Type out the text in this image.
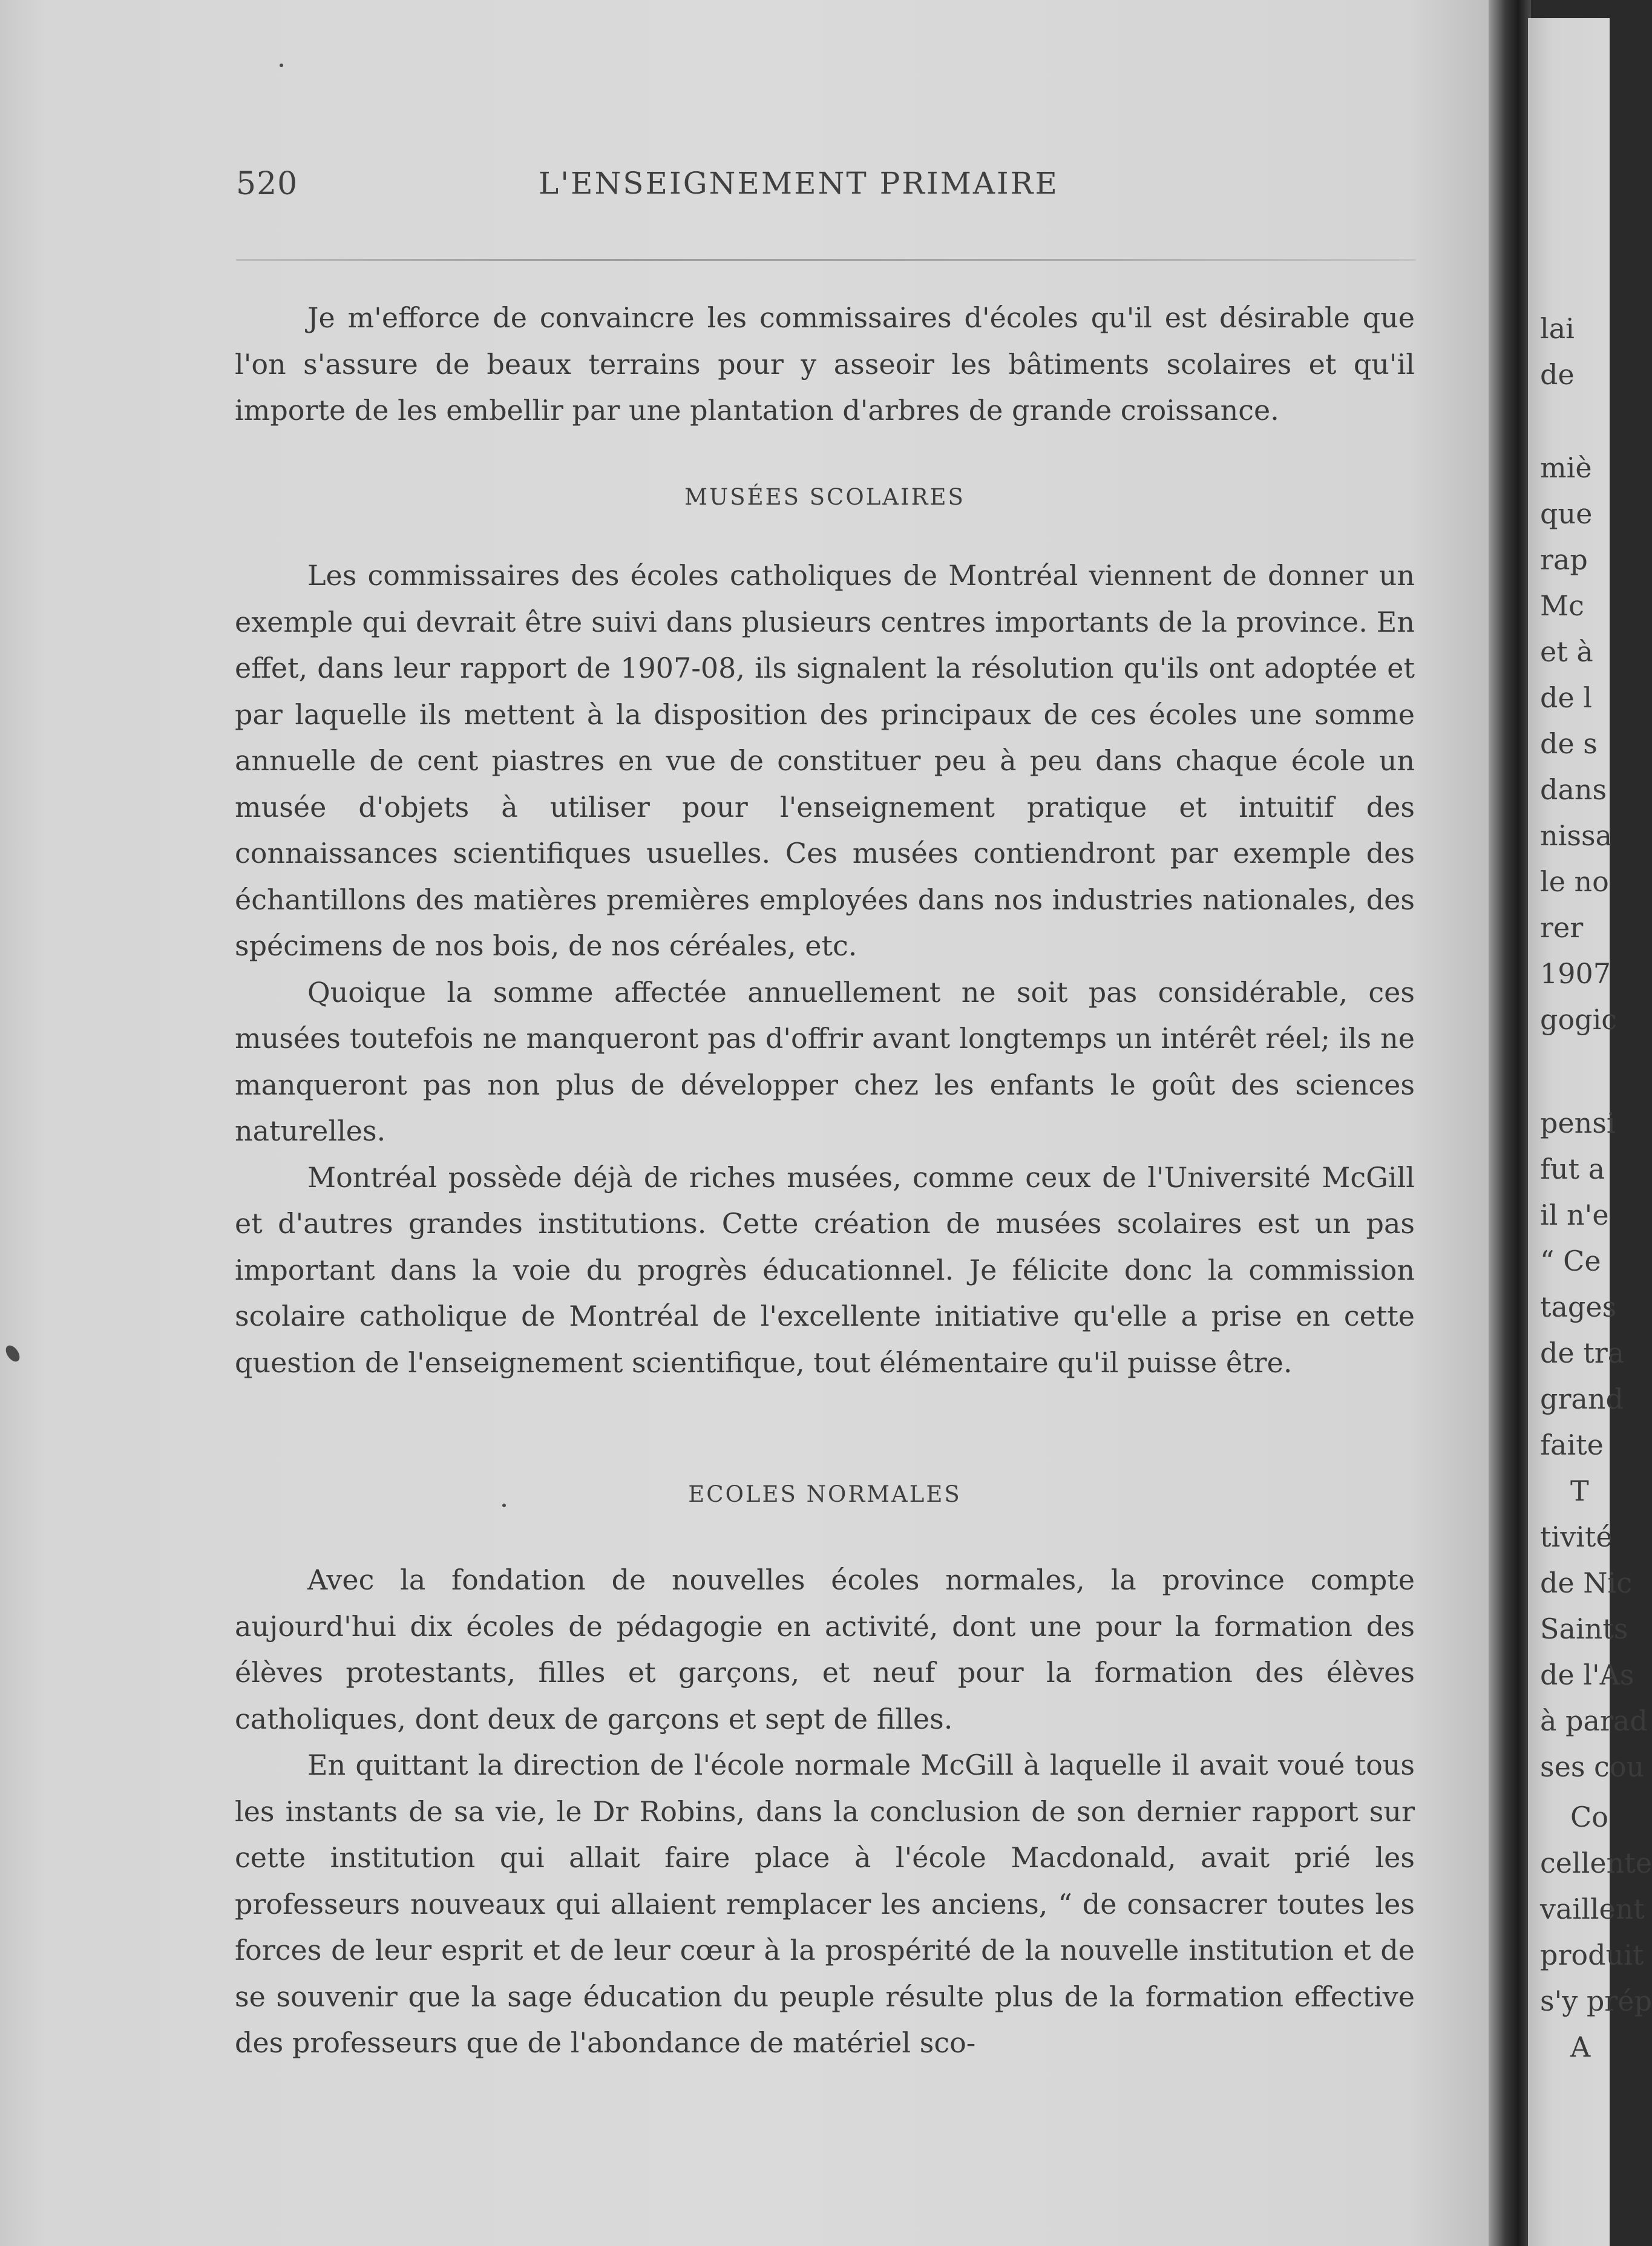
520	L'ENSEIGNEMENT PRIMAIRE

Je m'efforce de convaincre les commissaires d'écoles qu'il est désirable que l'on s'assure de beaux terrains pour y asseoir les bâtiments scolaires et qu'il importe de les embellir par une plantation d'arbres de grande croissance.

MUSÉES SCOLAIRES

Les commissaires des écoles catholiques de Montréal viennent de donner un exemple qui devrait être suivi dans plusieurs centres importants de la province. En effet, dans leur rapport de 1907-08, ils signalent la résolution qu'ils ont adoptée et par laquelle ils mettent à la disposition des principaux de ces écoles une somme annuelle de cent piastres en vue de constituer peu à peu dans chaque école un musée d'objets à utiliser pour l'enseignement pratique et intuitif des connaissances scientifiques usuelles. Ces musées contiendront par exemple des échantillons des matières premières employées dans nos industries nationales, des spécimens de nos bois, de nos céréales, etc.

Quoique la somme affectée annuellement ne soit pas considérable, ces musées toutefois ne manqueront pas d'offrir avant longtemps un intérêt réel; ils ne manqueront pas non plus de développer chez les enfants le goût des sciences naturelles.

Montréal possède déjà de riches musées, comme ceux de l'Université McGill et d'autres grandes institutions. Cette création de musées scolaires est un pas important dans la voie du progrès éducationnel. Je félicite donc la commission scolaire catholique de Montréal de l'excellente initiative qu'elle a prise en cette question de l'enseignement scientifique, tout élémentaire qu'il puisse être.

ECOLES NORMALES

Avec la fondation de nouvelles écoles normales, la province compte aujourd'hui dix écoles de pédagogie en activité, dont une pour la formation des élèves protestants, filles et garçons, et neuf pour la formation des élèves catholiques, dont deux de garçons et sept de filles.

En quittant la direction de l'école normale McGill à laquelle il avait voué tous les instants de sa vie, le Dr Robins, dans la conclusion de son dernier rapport sur cette institution qui allait faire place à l'école Macdonald, avait prié les professeurs nouveaux qui allaient remplacer les anciens, “ de consacrer toutes les forces de leur esprit et de leur cœur à la prospérité de la nouvelle institution et de se souvenir que la sage éducation du peuple résulte plus de la formation effective des professeurs que de l'abondance de matériel sco-

lai
de
miè
que
rap
Mc
et à
de l
de s
dans
nissa
le no
rer
1907
gogic
pensi
fut a
il n'e
“ Ce
tages
de tra
grand
faite
T
tivité
de Nic
Saints
de l'As
à parad
ses cou
Co
cellente
vaillent
produit
s'y prép
A
